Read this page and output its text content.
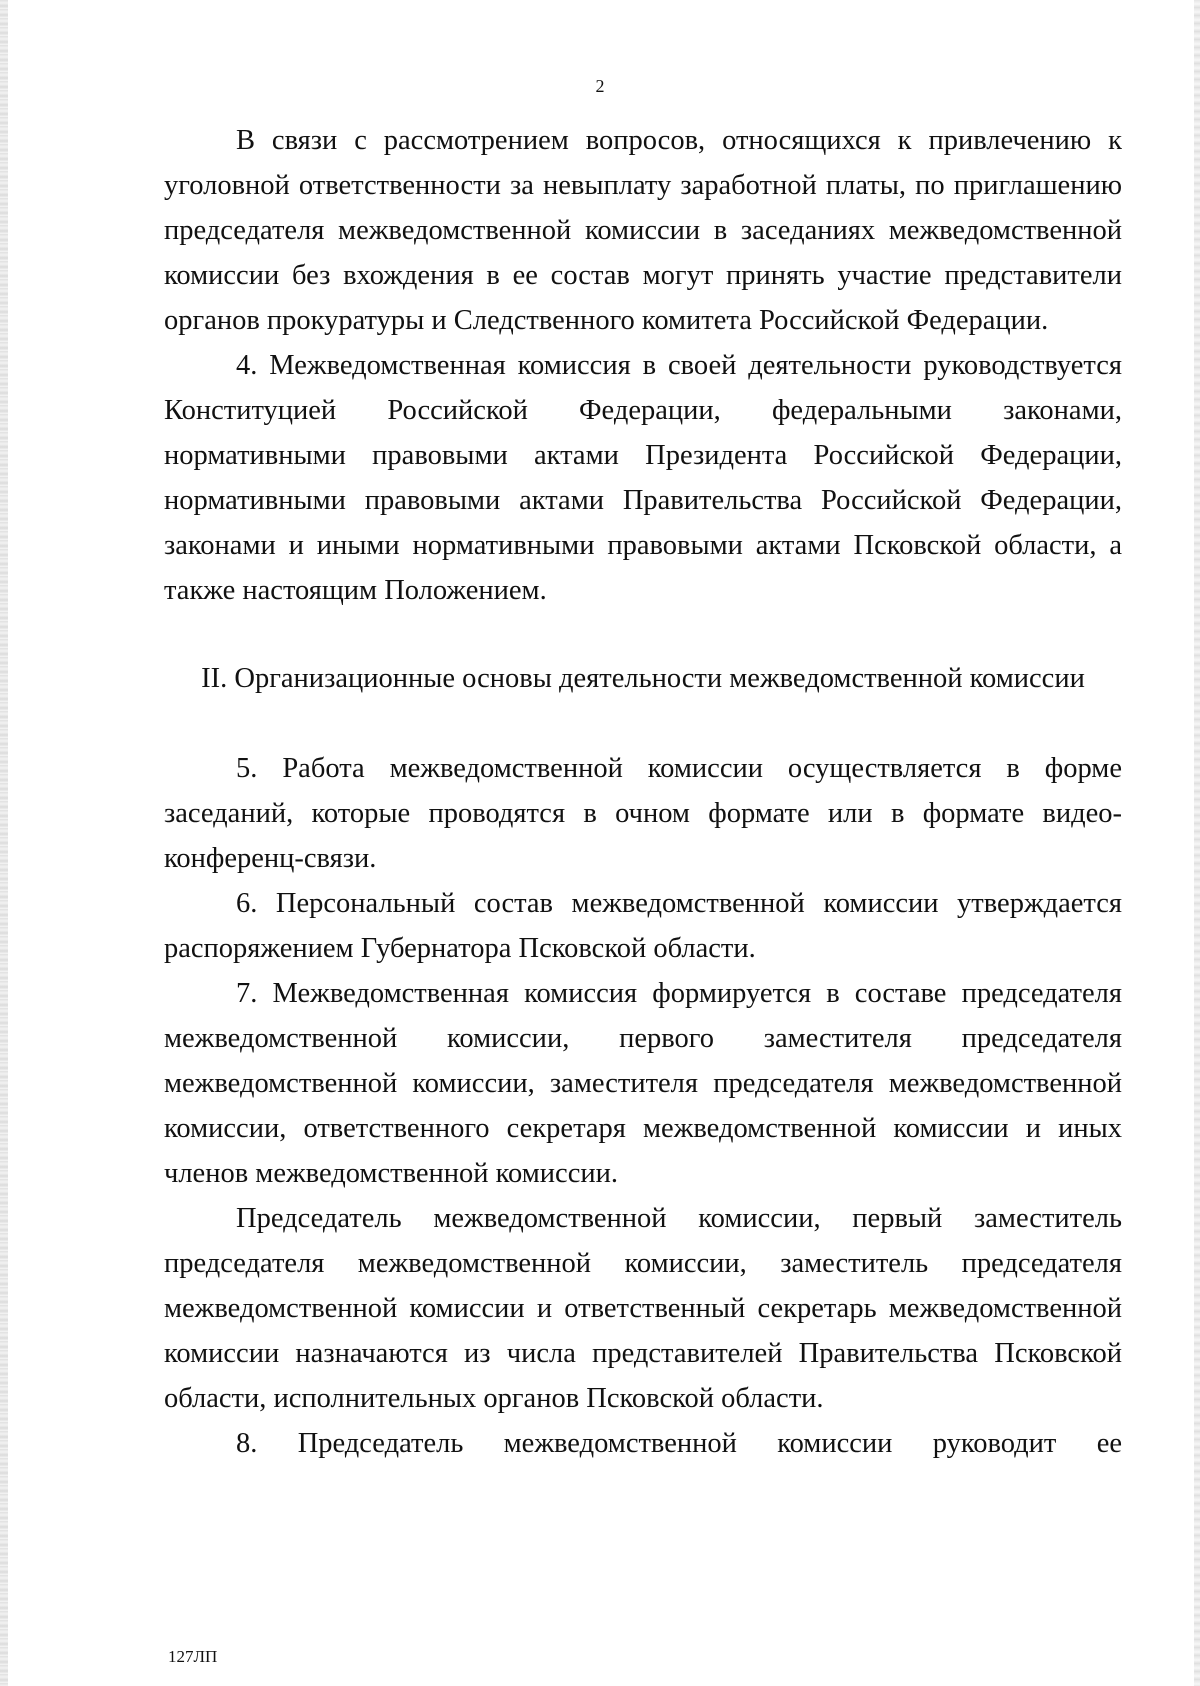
2

В связи с рассмотрением вопросов, относящихся к привлечению к уголовной ответственности за невыплату заработной платы, по приглашению председателя межведомственной комиссии в заседаниях межведомственной комиссии без вхождения в ее состав могут принять участие представители органов прокуратуры и Следственного комитета Российской Федерации.

4. Межведомственная комиссия в своей деятельности руководствуется Конституцией Российской Федерации, федеральными законами, нормативными правовыми актами Президента Российской Федерации, нормативными правовыми актами Правительства Российской Федерации, законами и иными нормативными правовыми актами Псковской области, а также настоящим Положением.

II. Организационные основы деятельности межведомственной комиссии

5. Работа межведомственной комиссии осуществляется в форме заседаний, которые проводятся в очном формате или в формате видео-конференц-связи.

6. Персональный состав межведомственной комиссии утверждается распоряжением Губернатора Псковской области.

7. Межведомственная комиссия формируется в составе председателя межведомственной комиссии, первого заместителя председателя межведомственной комиссии, заместителя председателя межведомственной комиссии, ответственного секретаря межведомственной комиссии и иных членов межведомственной комиссии.

Председатель межведомственной комиссии, первый заместитель председателя межведомственной комиссии, заместитель председателя межведомственной комиссии и ответственный секретарь межведомственной комиссии назначаются из числа представителей Правительства Псковской области, исполнительных органов Псковской области.

8. Председатель межведомственной комиссии руководит ее

127ЛП
